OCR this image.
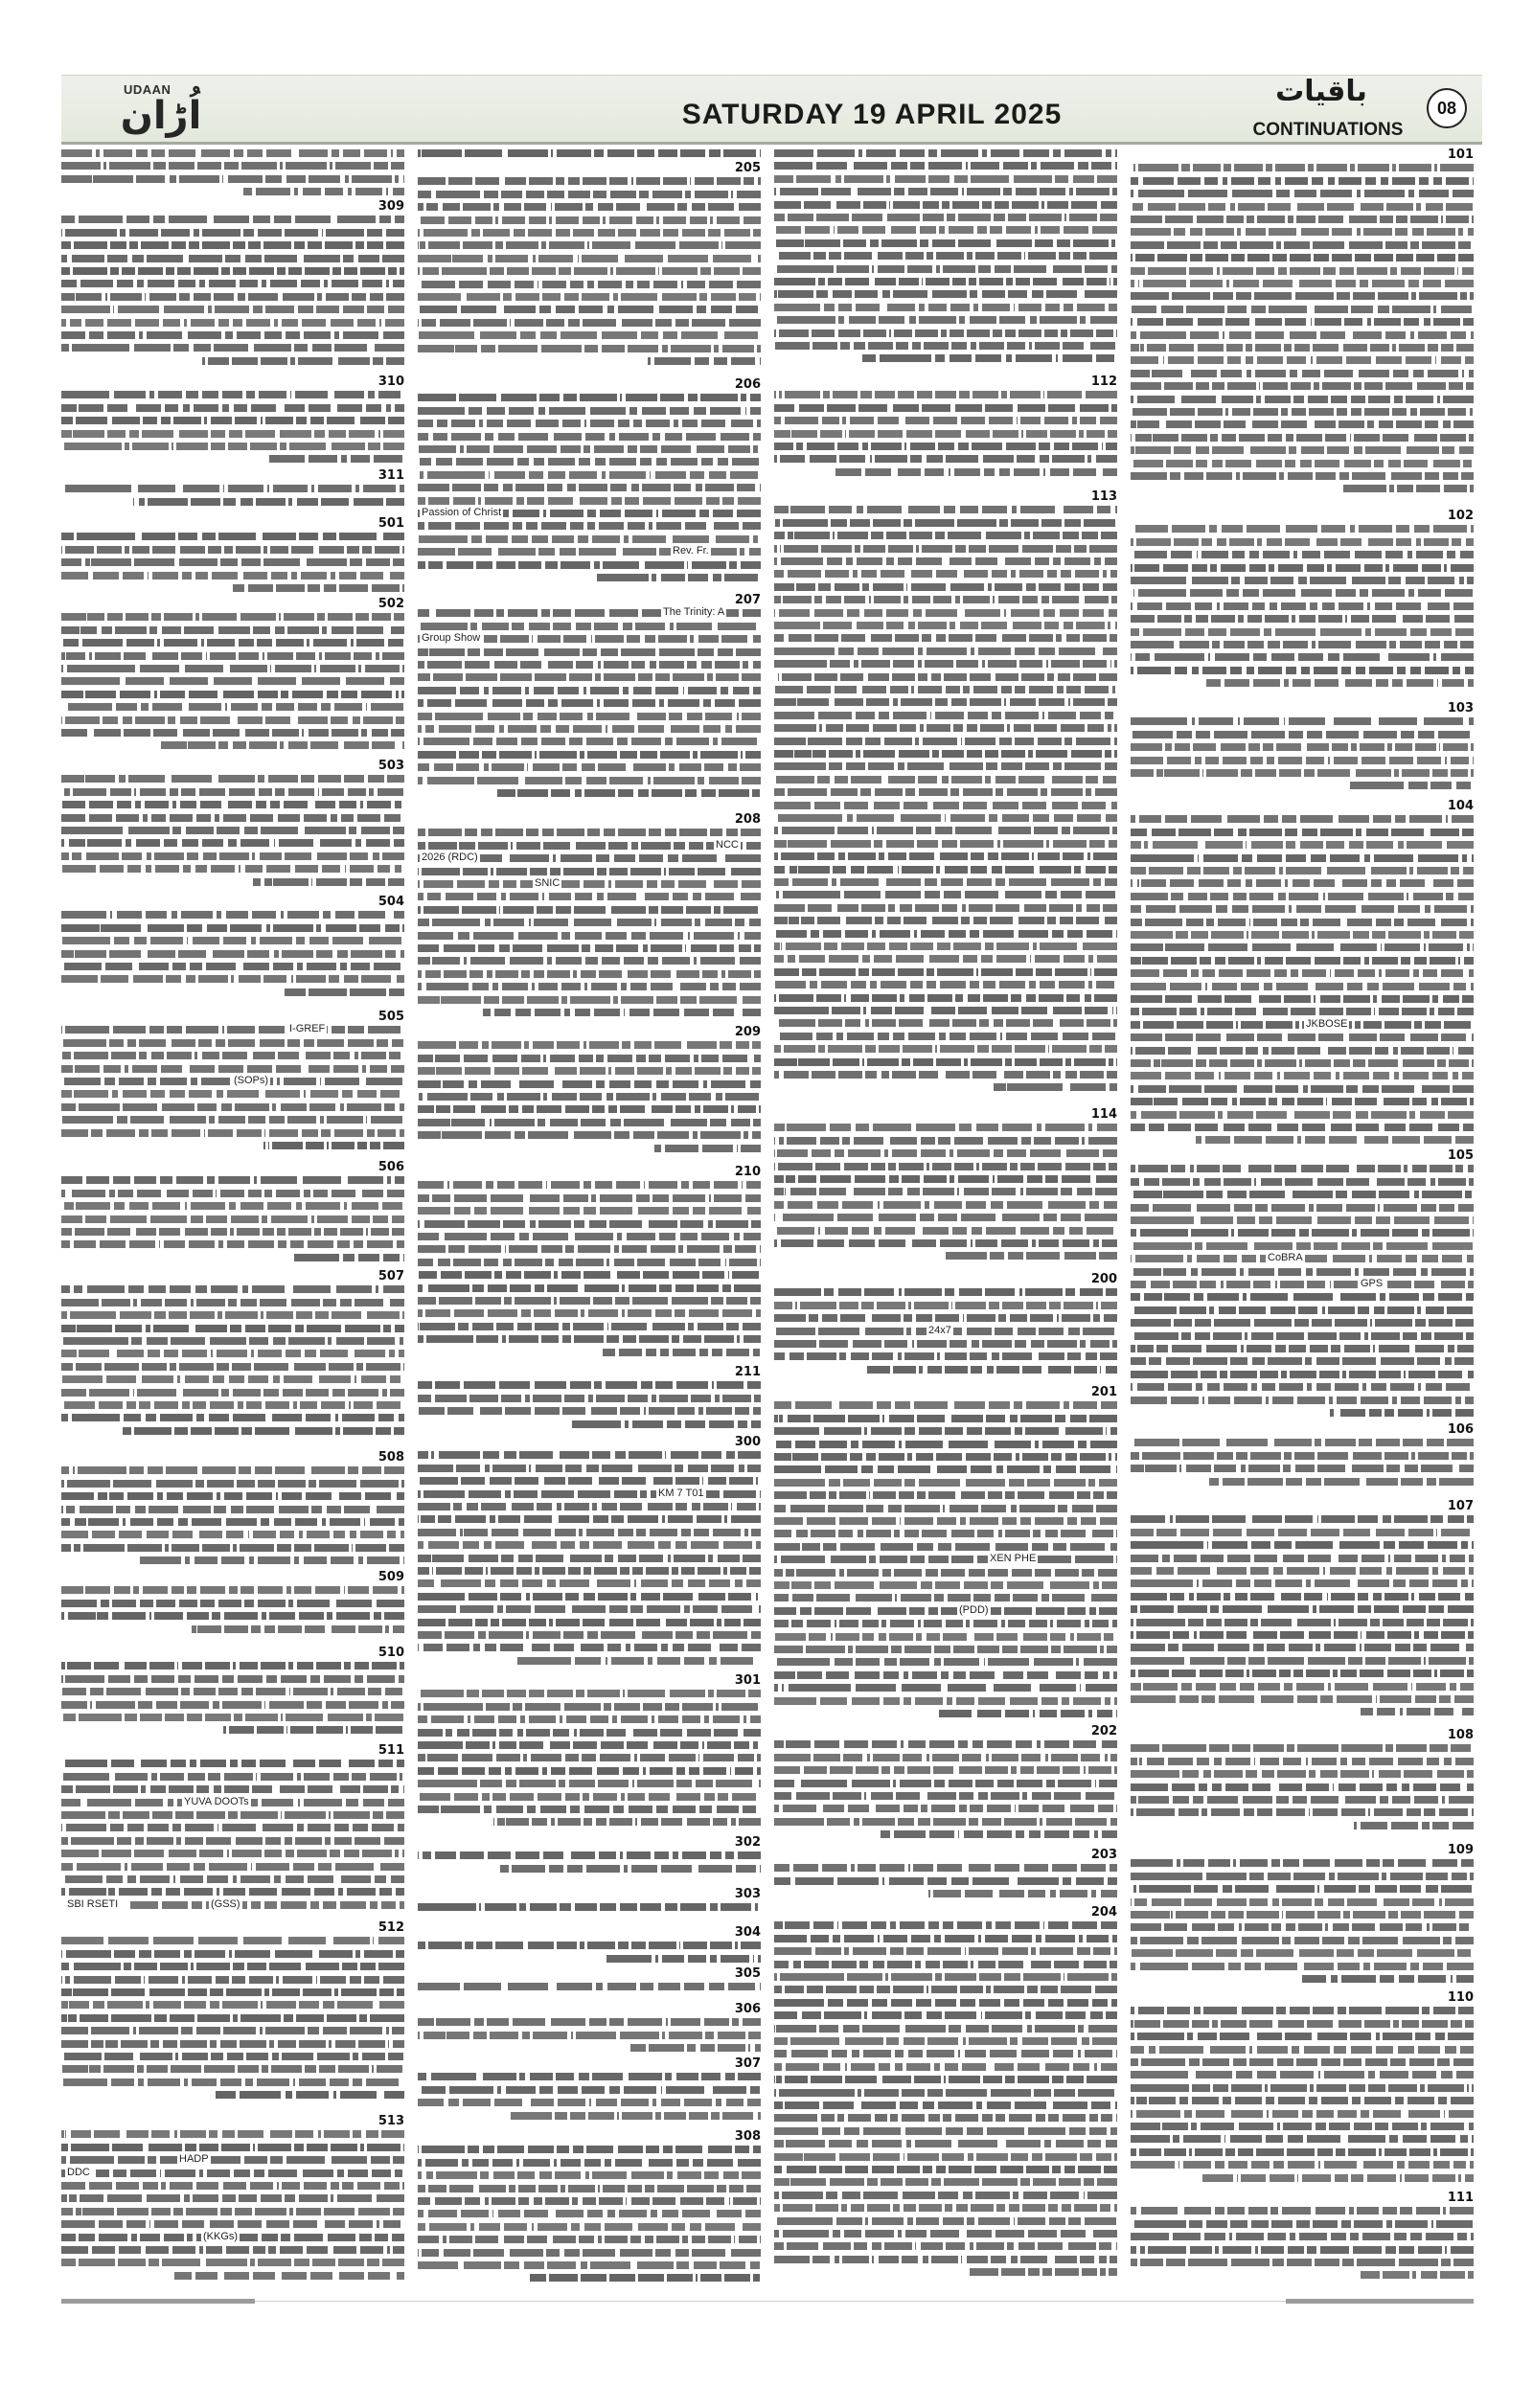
UDAAN
اُڑان	SATURDAY 19 APRIL 2025
باقیات
CONTINUATIONS
08
309
310
311
501
502
503
504
505
506
507
508
509
510
511
512
513
I-GREF
(SOPs)
YUVA DOOTs
(GSS)
SBI RSETI
HADP
DDC
(KKGs)
205
206
207
208
209
210
211
300
301
302
303
304
305
306
307
308
Passion of Christ
Rev. Fr.
The Trinity: A
Group Show
NCC
2026 (RDC)
SNIC
KM 7 T01
112
113
114
200
201
202
203
204
24x7
XEN PHE
(PDD)
101
102
103
104
105
106
107
108
109
110
111
JKBOSE
CoBRA
GPS
